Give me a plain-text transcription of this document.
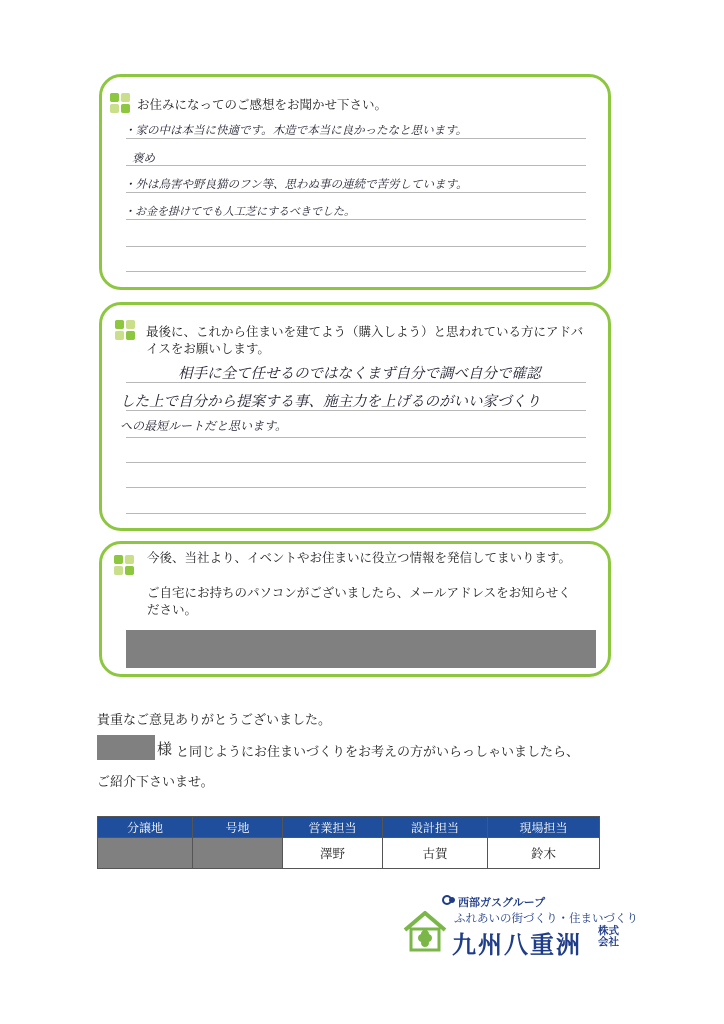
お住みになってのご感想をお聞かせ下さい。
・家の中は本当に快適です。木造で本当に良かったなと思います。
褒め
・外は烏害や野良猫のフン等、思わぬ事の連続で苦労しています。
・お金を掛けてでも人工芝にするべきでした。
最後に、これから住まいを建てよう（購入しよう）と思われている方にアドバイスをお願いします。
相手に全て任せるのではなくまず自分で調べ自分で確認
した上で自分から提案する事、施主力を上げるのがいい家づくり
への最短ルートだと思います。
今後、当社より、イベントやお住まいに役立つ情報を発信してまいります。
ご自宅にお持ちのパソコンがございましたら、メールアドレスをお知らせください。
貴重なご意見ありがとうございました。
様 と同じようにお住まいづくりをお考えの方がいらっしゃいましたら、
ご紹介下さいませ。
分譲地	号地	営業担当	設計担当	現場担当
		澤野	古賀	鈴木
西部ガスグループ
ふれあいの街づくり・住まいづくり
九州八重洲 株式会社
